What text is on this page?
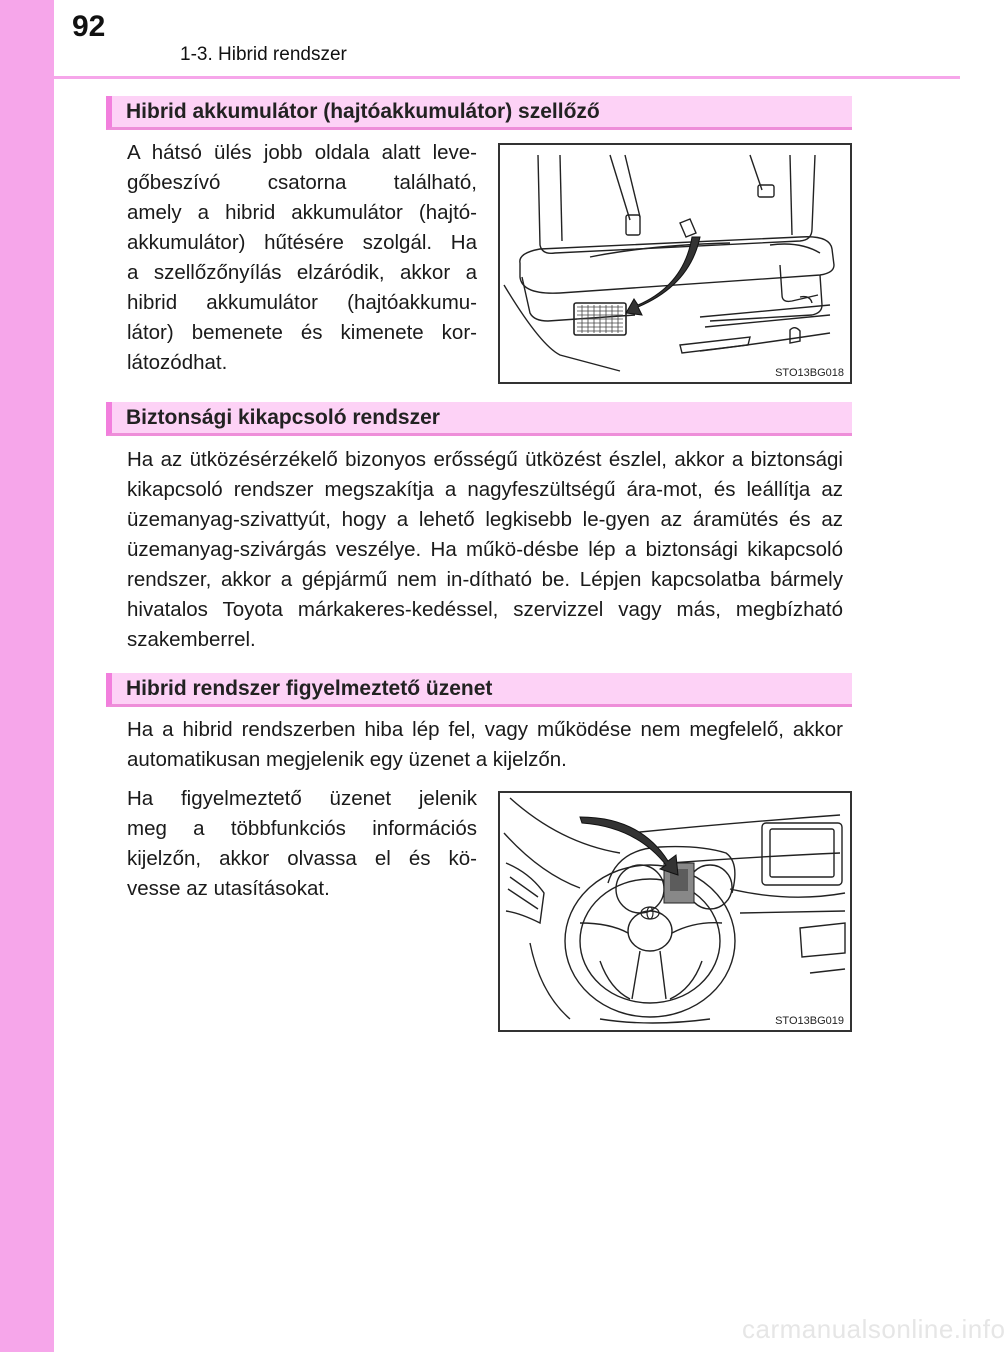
92
1-3. Hibrid rendszer
Hibrid akkumulátor (hajtóakkumulátor) szellőző
A hátsó ülés jobb oldala alatt leve-
gőbeszívó csatorna található,
amely a hibrid akkumulátor (hajtó-
akkumulátor) hűtésére szolgál. Ha
a szellőzőnyílás elzáródik, akkor a
hibrid akkumulátor (hajtóakkumu-
látor) bemenete és kimenete kor-
látozódhat.	STO13BG018
Biztonsági kikapcsoló rendszer

Ha az ütközésérzékelő bizonyos erősségű ütközést észlel, akkor a biztonsági kikapcsoló rendszer megszakítja a nagyfeszültségű ára-mot, és leállítja az üzemanyag-szivattyút, hogy a lehető legkisebb le-gyen az áramütés és az üzemanyag-szivárgás veszélye. Ha műkö-désbe lép a biztonsági kikapcsoló rendszer, akkor a gépjármű nem in-dítható be. Lépjen kapcsolatba bármely hivatalos Toyota márkakeres-kedéssel, szervizzel vagy más, megbízható szakemberrel.

Hibrid rendszer figyelmeztető üzenet

Ha a hibrid rendszerben hiba lép fel, vagy működése nem megfelelő, akkor automatikusan megjelenik egy üzenet a kijelzőn.

Ha figyelmeztető üzenet jelenik
meg a többfunkciós információs
kijelzőn, akkor olvassa el és kö-
vesse az utasításokat.
STO13BG019
carmanualsonline.info
